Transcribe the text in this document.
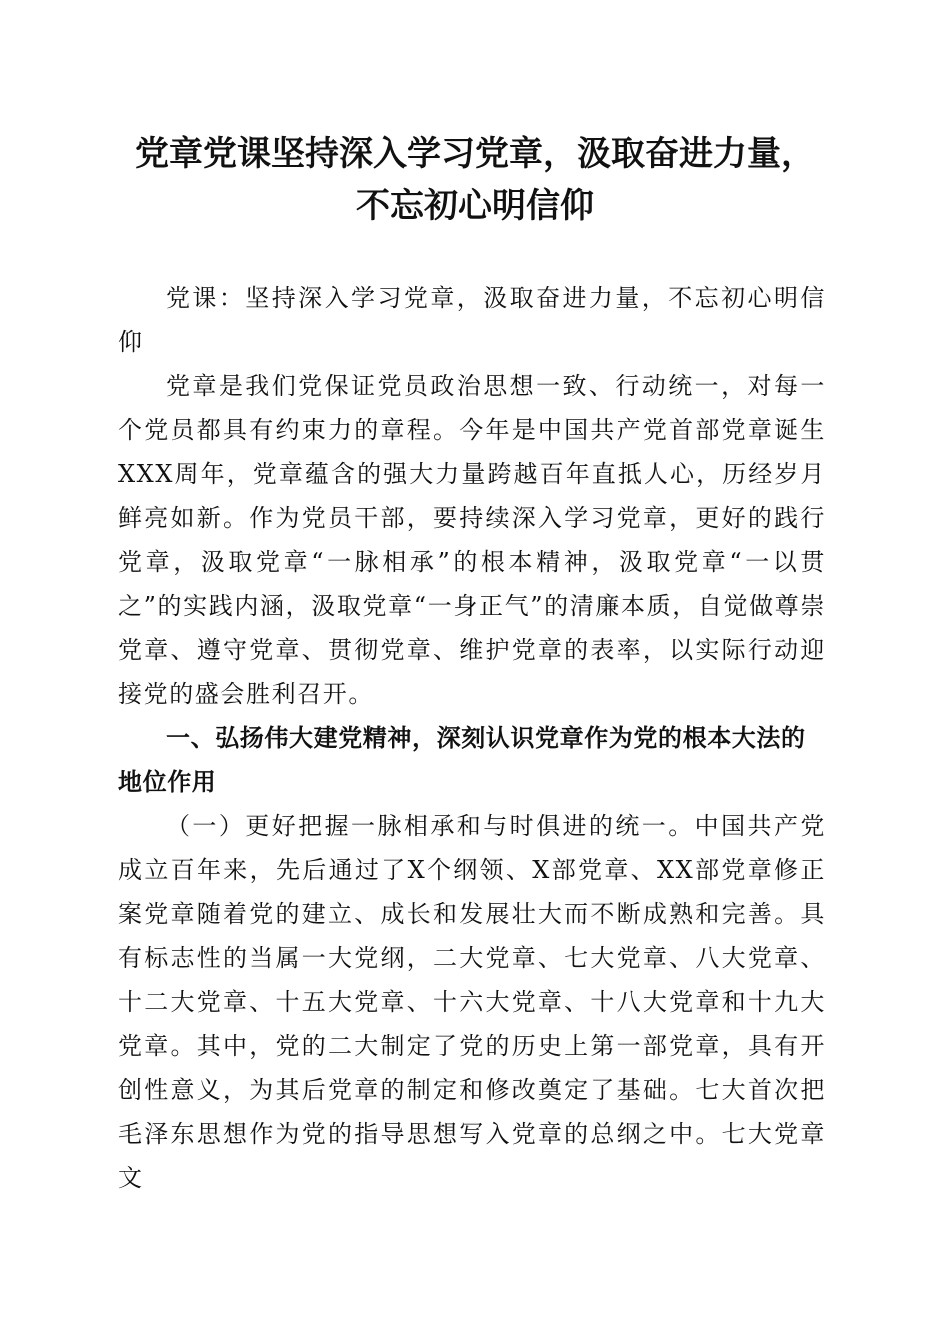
党章党课坚持深入学习党章，汲取奋进力量，
不忘初心明信仰

党课：坚持深入学习党章，汲取奋进力量，不忘初心明信仰

党章是我们党保证党员政治思想一致、行动统一，对每一个党员都具有约束力的章程。今年是中国共产党首部党章诞生XXX周年，党章蕴含的强大力量跨越百年直抵人心，历经岁月鲜亮如新。作为党员干部，要持续深入学习党章，更好的践行党章，汲取党章“一脉相承”的根本精神，汲取党章“一以贯之”的实践内涵，汲取党章“一身正气”的清廉本质，自觉做尊崇党章、遵守党章、贯彻党章、维护党章的表率，以实际行动迎接党的盛会胜利召开。

一、弘扬伟大建党精神，深刻认识党章作为党的根本大法的地位作用

（一）更好把握一脉相承和与时俱进的统一。中国共产党成立百年来，先后通过了X个纲领、X部党章、XX部党章修正案党章随着党的建立、成长和发展壮大而不断成熟和完善。具有标志性的当属一大党纲，二大党章、七大党章、八大党章、十二大党章、十五大党章、十六大党章、十八大党章和十九大党章。其中，党的二大制定了党的历史上第一部党章，具有开创性意义，为其后党章的制定和修改奠定了基础。七大首次把毛泽东思想作为党的指导思想写入党章的总纲之中。七大党章文
